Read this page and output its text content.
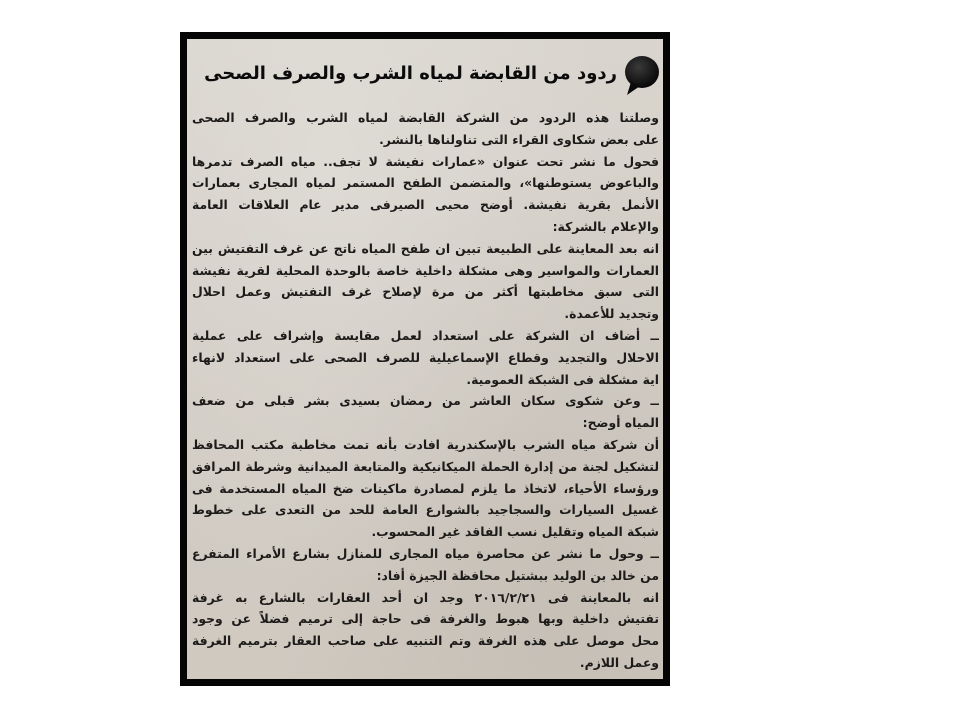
ردود من القابضة لمياه الشرب والصرف الصحى
وصلتنا هذه الردود من الشركة القابضة لمياه الشرب والصرف الصحى
على بعض شكاوى القراء التى تناولناها بالنشر.
فحول ما نشر تحت عنوان «عمارات نفيشة لا تجف.. مياه الصرف تدمرها
والباعوض يستوطنها»، والمتضمن الطفح المستمر لمياه المجارى بعمارات
الأنمل بقرية نفيشة. أوضح محيى الصيرفى مدير عام العلاقات العامة
والإعلام بالشركة:
انه بعد المعاينة على الطبيعة تبين ان طفح المياه ناتج عن غرف التفتيش بين
العمارات والمواسير وهى مشكلة داخلية خاصة بالوحدة المحلية لقرية نفيشة
التى سبق مخاطبتها أكثر من مرة لإصلاح غرف التفتيش وعمل احلال
وتجديد للأعمدة.
ــ أضاف ان الشركة على استعداد لعمل مقايسة وإشراف على عملية
الاحلال والتجديد وقطاع الإسماعيلية للصرف الصحى على استعداد لانهاء
اية مشكلة فى الشبكة العمومية.
ــ وعن شكوى سكان العاشر من رمضان بسيدى بشر قبلى من ضعف
المياه أوضح:
أن شركة مياه الشرب بالإسكندرية افادت بأنه تمت مخاطبة مكتب المحافظ
لتشكيل لجنة من إدارة الحملة الميكانيكية والمتابعة الميدانية وشرطة المرافق
ورؤساء الأحياء، لاتخاذ ما يلزم لمصادرة ماكينات ضخ المياه المستخدمة فى
غسيل السيارات والسجاجيد بالشوارع العامة للحد من التعدى على خطوط
شبكة المياه وتقليل نسب الفاقد غير المحسوب.
ــ وحول ما نشر عن محاصرة مياه المجارى للمنازل بشارع الأمراء المتفرع
من خالد بن الوليد ببشتيل محافظة الجيزة أفاد:
انه بالمعاينة فى ٢٠١٦/٢/٢١ وجد ان أحد العقارات بالشارع به غرفة
تفتيش داخلية وبها هبوط والغرفة فى حاجة إلى ترميم فضلاً عن وجود
محل موصل على هذه الغرفة وتم التنبيه على صاحب العقار بترميم الغرفة
وعمل اللازم.
